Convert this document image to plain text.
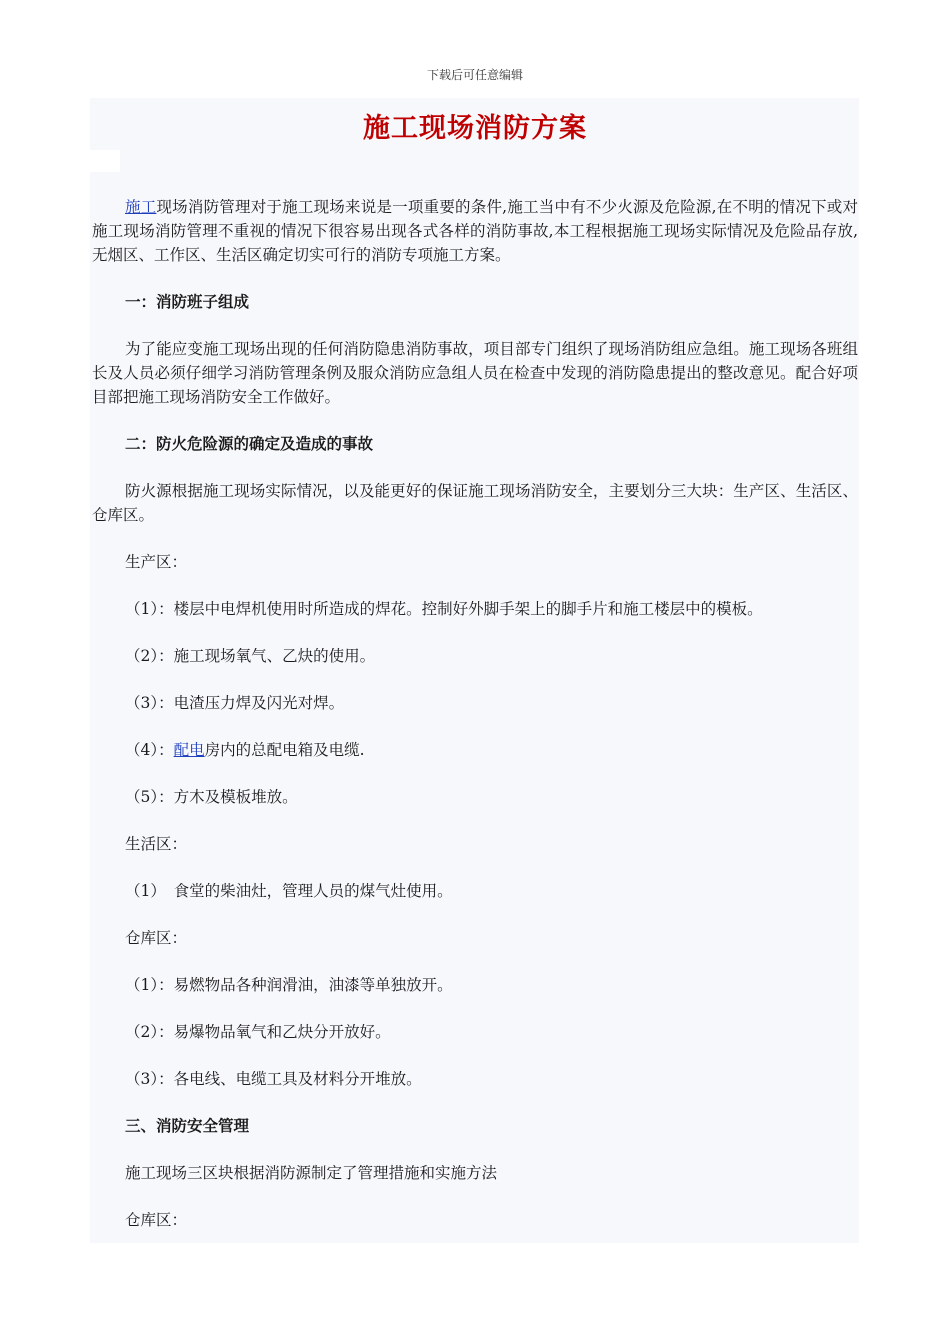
下载后可任意编辑
施工现场消防方案

施工现场消防管理对于施工现场来说是一项重要的条件,施工当中有不少火源及危险源,在不明的情况下或对施工现场消防管理不重视的情况下很容易出现各式各样的消防事故,本工程根据施工现场实际情况及危险品存放,无烟区、工作区、生活区确定切实可行的消防专项施工方案。

一：消防班子组成

为了能应变施工现场出现的任何消防隐患消防事故，项目部专门组织了现场消防组应急组。施工现场各班组长及人员必须仔细学习消防管理条例及服众消防应急组人员在检查中发现的消防隐患提出的整改意见。配合好项目部把施工现场消防安全工作做好。

二：防火危险源的确定及造成的事故

防火源根据施工现场实际情况，以及能更好的保证施工现场消防安全，主要划分三大块：生产区、生活区、仓库区。

生产区：

（1）：楼层中电焊机使用时所造成的焊花。控制好外脚手架上的脚手片和施工楼层中的模板。

（2）：施工现场氧气、乙炔的使用。

（3）：电渣压力焊及闪光对焊。

（4）：配电房内的总配电箱及电缆.

（5）：方木及模板堆放。

生活区：

（1）　食堂的柴油灶，管理人员的煤气灶使用。

仓库区：

（1）：易燃物品各种润滑油，油漆等单独放开。

（2）：易爆物品氧气和乙炔分开放好。

（3）：各电线、电缆工具及材料分开堆放。

三、消防安全管理

施工现场三区块根据消防源制定了管理措施和实施方法

仓库区：
